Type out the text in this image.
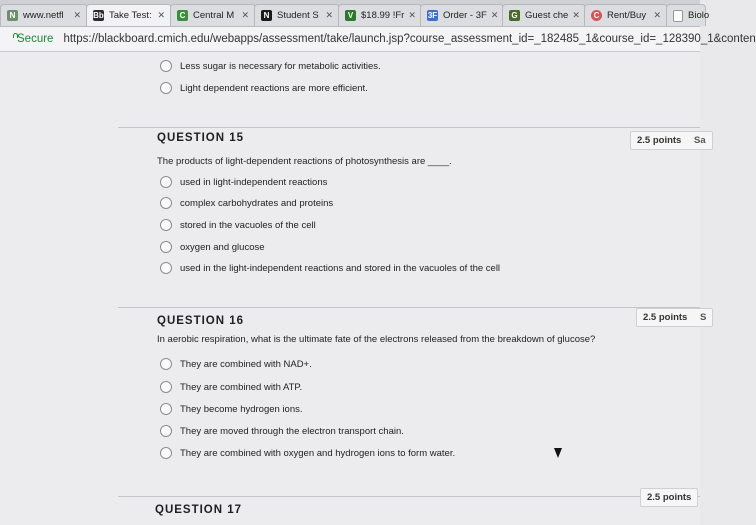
N www.netfl	✕ Bb Take Test: ✕	C Central M ✕	N Student S ✕	V $18.99 !Fr ✕ 3F Order - 3F ✕ G Guest che ✕	C Rent/Buy ✕	Biolo
Secure https://blackboard.cmich.edu/webapps/assessment/take/launch.jsp?course_assessment_id=_182485_1&course_id=_128390_1&conten
Less sugar is necessary for metabolic activities.
Light dependent reactions are more efficient.
QUESTION 15	2.5 points Sa
The products of light-dependent reactions of photosynthesis are ____.
used in light-independent reactions
complex carbohydrates and proteins
stored in the vacuoles of the cell
oxygen and glucose
used in the light-independent reactions and stored in the vacuoles of the cell
QUESTION 16	2.5 points S
In aerobic respiration, what is the ultimate fate of the electrons released from the breakdown of glucose?
They are combined with NAD+.
They are combined with ATP.
They become hydrogen ions.
They are moved through the electron transport chain.
They are combined with oxygen and hydrogen ions to form water.
QUESTION 17
2.5 points
